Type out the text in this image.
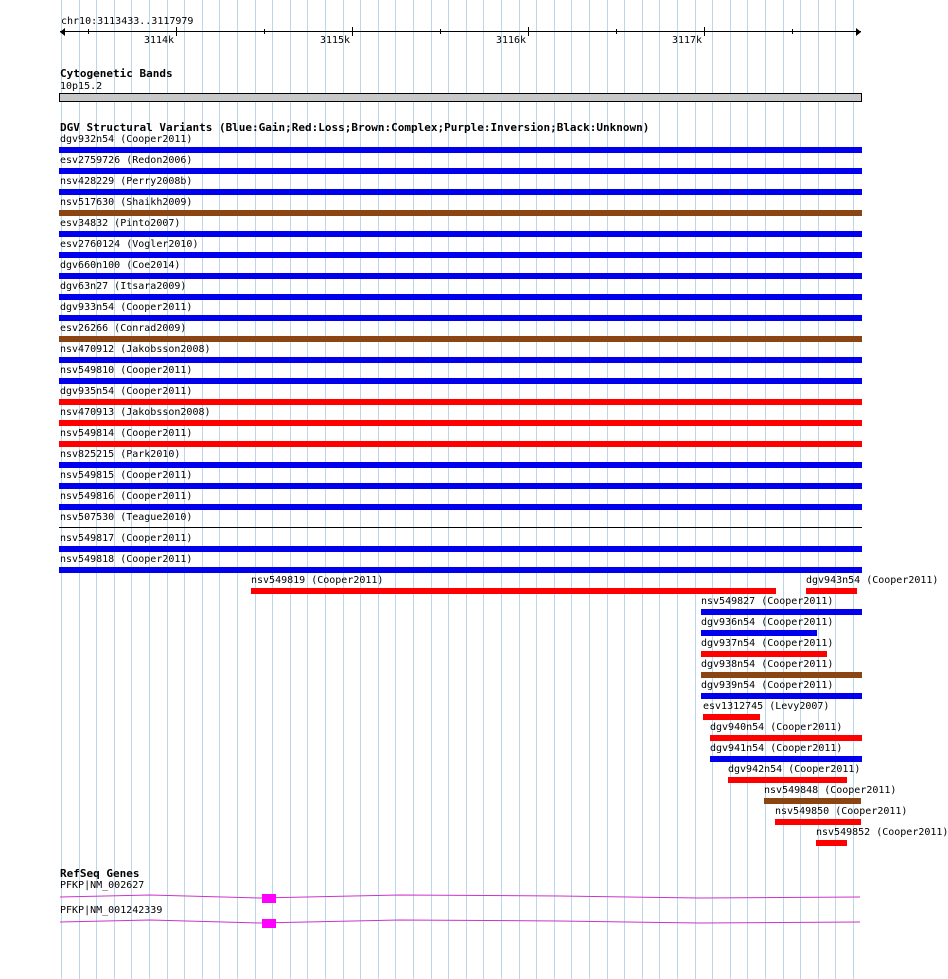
chr10:3113433..3117979
3114k	3115k	3116k	3117k
Cytogenetic Bands
10p15.2
DGV Structural Variants (Blue:Gain;Red:Loss;Brown:Complex;Purple:Inversion;Black:Unknown)
RefSeq Genes
dgv932n54 (Cooper2011)
esv2759726 (Redon2006)
nsv428229 (Perry2008b)
nsv517630 (Shaikh2009)
esv34832 (Pinto2007)
esv2760124 (Vogler2010)
dgv660n100 (Coe2014)
dgv63n27 (Itsara2009)
dgv933n54 (Cooper2011)
esv26266 (Conrad2009)
nsv470912 (Jakobsson2008)
nsv549810 (Cooper2011)
dgv935n54 (Cooper2011)
nsv470913 (Jakobsson2008)
nsv549814 (Cooper2011)
nsv825215 (Park2010)
nsv549815 (Cooper2011)
nsv549816 (Cooper2011)
nsv507530 (Teague2010)
nsv549817 (Cooper2011)
nsv549818 (Cooper2011)
nsv549819 (Cooper2011)	dgv943n54 (Cooper2011)
nsv549827 (Cooper2011)
dgv936n54 (Cooper2011)
dgv937n54 (Cooper2011)
dgv938n54 (Cooper2011)
dgv939n54 (Cooper2011)
esv1312745 (Levy2007)
dgv940n54 (Cooper2011)
dgv941n54 (Cooper2011)
dgv942n54 (Cooper2011)
nsv549848 (Cooper2011)
nsv549850 (Cooper2011)
nsv549852 (Cooper2011)
PFKP|NM_002627
PFKP|NM_001242339
